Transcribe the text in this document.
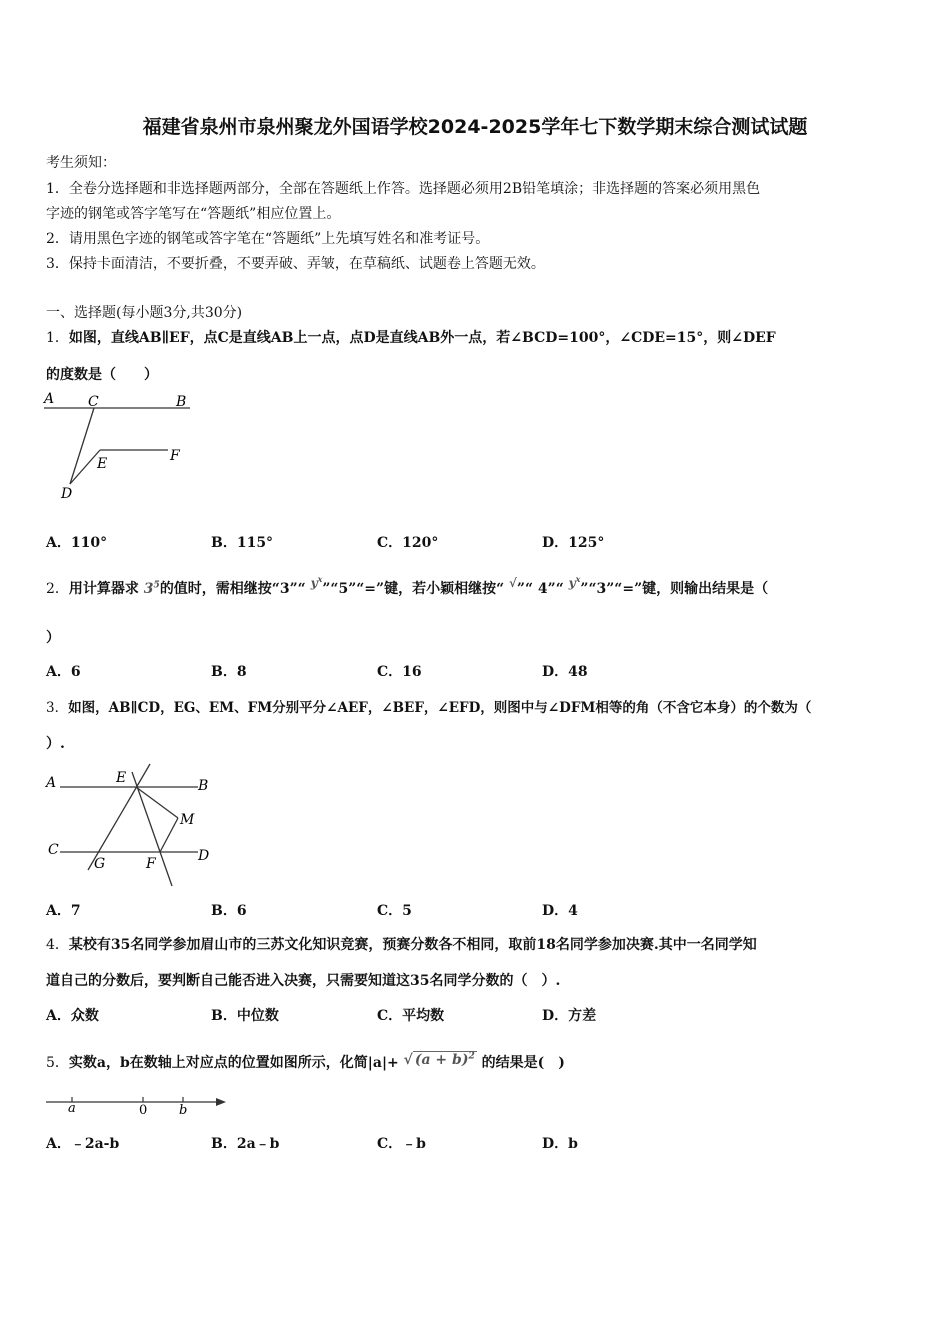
福建省泉州市泉州聚龙外国语学校2024-2025学年七下数学期末综合测试试题
考生须知：
1．全卷分选择题和非选择题两部分，全部在答题纸上作答。选择题必须用2B铅笔填涂；非选择题的答案必须用黑色
字迹的钢笔或答字笔写在“答题纸”相应位置上。
2．请用黑色字迹的钢笔或答字笔在“答题纸”上先填写姓名和准考证号。
3．保持卡面清洁，不要折叠，不要弄破、弄皱，在草稿纸、试题卷上答题无效。
一、选择题(每小题3分,共30分)
1．如图，直线AB∥EF，点C是直线AB上一点，点D是直线AB外一点，若∠BCD=100°，∠CDE=15°，则∠DEF
的度数是（　　）
A C	B
E	F
D
A．110°	B．115°	C．120°	D．125°
2．用计算器求 $3^5$的值时，需相继按“3”“ $y^x”“5”“=$”键，若小颖相继按“ √”“ 4”“ $y^x”“3”“=$”键，则输出结果是（
）
A．6	B．8	C．16	D．48
3．如图，AB∥CD，EG、EM、FM分别平分∠AEF，∠BEF，∠EFD，则图中与∠DFM相等的角（不含它本身）的个数为（
）.
A	E	B
M
C
G	F	D
A．7	B．6	C．5	D．4
4．某校有35名同学参加眉山市的三苏文化知识竞赛，预赛分数各不相同，取前18名同学参加决赛.其中一名同学知
道自己的分数后，要判断自己能否进入决赛，只需要知道这35名同学分数的（　）.
A．众数	B．中位数	C．平均数	D．方差
5．实数a，b在数轴上对应点的位置如图所示，化简|a|+ √ $(a + b)^2$ 的结果是(　)
a	0 b
A．﹣2a-b	B．2a﹣b	C．﹣b	D．b
